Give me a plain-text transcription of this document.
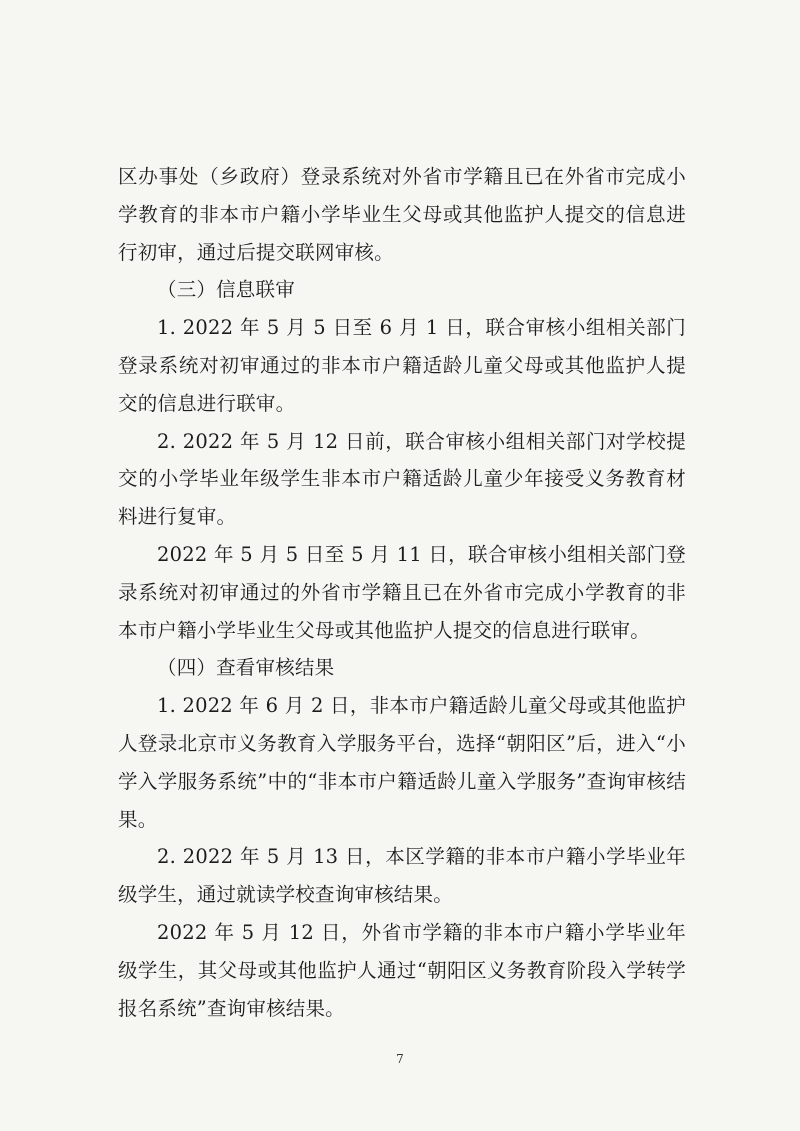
区办事处（乡政府）登录系统对外省市学籍且已在外省市完成小学教育的非本市户籍小学毕业生父母或其他监护人提交的信息进行初审，通过后提交联网审核。

（三）信息联审

1. 2022 年 5 月 5 日至 6 月 1 日，联合审核小组相关部门登录系统对初审通过的非本市户籍适龄儿童父母或其他监护人提交的信息进行联审。

2. 2022 年 5 月 12 日前，联合审核小组相关部门对学校提交的小学毕业年级学生非本市户籍适龄儿童少年接受义务教育材料进行复审。

2022 年 5 月 5 日至 5 月 11 日，联合审核小组相关部门登录系统对初审通过的外省市学籍且已在外省市完成小学教育的非本市户籍小学毕业生父母或其他监护人提交的信息进行联审。

（四）查看审核结果

1. 2022 年 6 月 2 日，非本市户籍适龄儿童父母或其他监护人登录北京市义务教育入学服务平台，选择“朝阳区”后，进入“小学入学服务系统”中的“非本市户籍适龄儿童入学服务”查询审核结果。

2. 2022 年 5 月 13 日，本区学籍的非本市户籍小学毕业年级学生，通过就读学校查询审核结果。

2022 年 5 月 12 日，外省市学籍的非本市户籍小学毕业年级学生，其父母或其他监护人通过“朝阳区义务教育阶段入学转学报名系统”查询审核结果。

7
